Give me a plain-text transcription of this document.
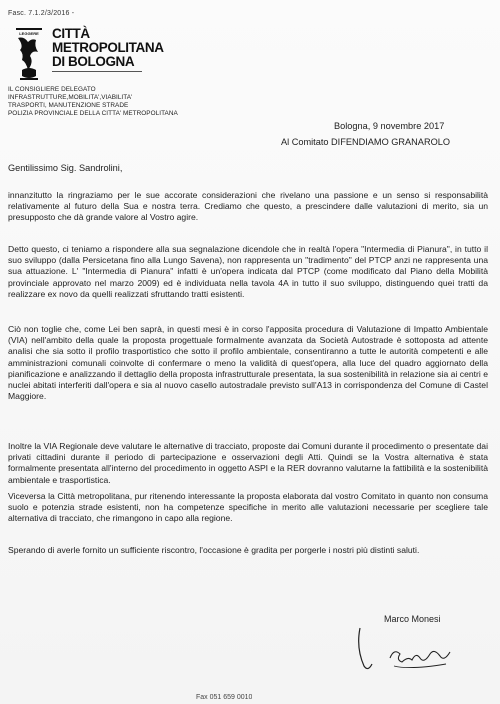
Fasc. 7.1.2/3/2016 -
LEGGERE CITTÀ
METROPOLITANA
DI BOLOGNA
IL CONSIGLIERE DELEGATO
INFRASTRUTTURE,MOBILITA',VIABILITA'
TRASPORTI, MANUTENZIONE STRADE
POLIZIA PROVINCIALE DELLA CITTA' METROPOLITANA
Bologna, 9 novembre 2017
Al Comitato DIFENDIAMO GRANAROLO
Gentilissimo Sig. Sandrolini,
innanzitutto la ringraziamo per le sue accorate considerazioni che rivelano una passione e un senso si responsabilità relativamente al futuro della Sua e nostra terra. Crediamo che questo, a prescindere dalle valutazioni di merito, sia un presupposto che dà grande valore al Vostro agire.
Detto questo, ci teniamo a rispondere alla sua segnalazione dicendole che in realtà l'opera "Intermedia di Pianura", in tutto il suo sviluppo (dalla Persicetana fino alla Lungo Savena), non rappresenta un "tradimento" del PTCP anzi ne rappresenta una sua attuazione. L' "Intermedia di Pianura" infatti è un'opera indicata dal PTCP (come modificato dal Piano della Mobilità provinciale approvato nel marzo 2009) ed è individuata nella tavola 4A in tutto il suo sviluppo, distinguendo quei tratti da realizzare ex novo da quelli realizzati sfruttando tratti esistenti.
Ciò non toglie che, come Lei ben saprà, in questi mesi è in corso l'apposita procedura di Valutazione di Impatto Ambientale (VIA) nell'ambito della quale la proposta progettuale formalmente avanzata da Società Autostrade è sottoposta ad attente analisi che sia sotto il profilo trasportistico che sotto il profilo ambientale, consentiranno a tutte le autorità competenti e alle amministrazioni comunali coinvolte di confermare o meno la validità di quest'opera, alla luce del quadro aggiornato della pianificazione e analizzando il dettaglio della proposta infrastrutturale presentata, la sua sostenibilità in relazione sia ai centri e nuclei abitati interferiti dall'opera e sia al nuovo casello autostradale previsto sull'A13 in corrispondenza del Comune di Castel Maggiore.
Inoltre la VIA Regionale deve valutare le alternative di tracciato, proposte dai Comuni durante il procedimento o presentate dai privati cittadini durante il periodo di partecipazione e osservazioni degli Atti. Quindi se la Vostra alternativa è stata formalmente presentata all'interno del procedimento in oggetto ASPI e la RER dovranno valutarne la fattibilità e la sostenibilità ambientale e trasportistica.
Viceversa la Città metropolitana, pur ritenendo interessante la proposta elaborata dal vostro Comitato in quanto non consuma suolo e potenzia strade esistenti, non ha competenze specifiche in merito alle valutazioni necessarie per scegliere tale alternativa di tracciato, che rimangono in capo alla regione.
Sperando di averle fornito un sufficiente riscontro, l'occasione è gradita per porgerle i nostri più distinti saluti.
Marco Monesi
Fax 051 659 0010
